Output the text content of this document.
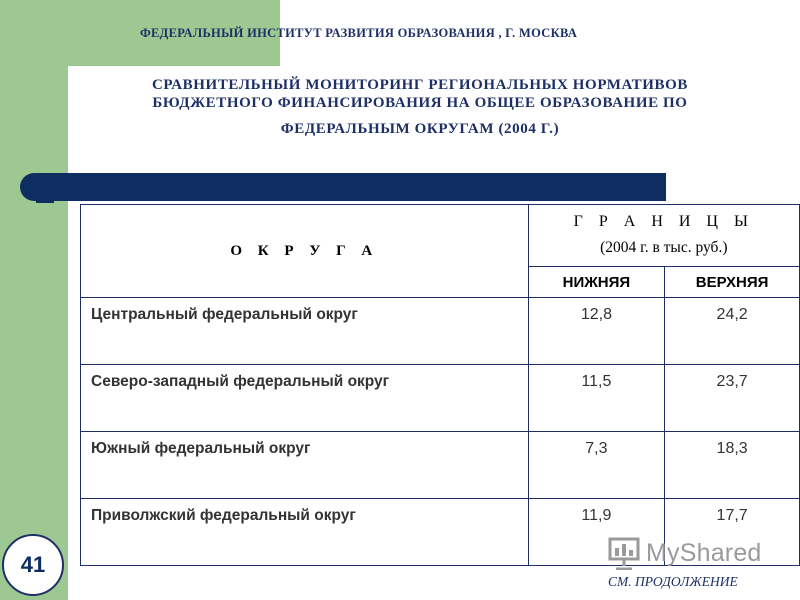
ФЕДЕРАЛЬНЫЙ ИНСТИТУТ РАЗВИТИЯ ОБРАЗОВАНИЯ , Г. МОСКВА
СРАВНИТЕЛЬНЫЙ МОНИТОРИНГ РЕГИОНАЛЬНЫХ НОРМАТИВОВ
БЮДЖЕТНОГО ФИНАНСИРОВАНИЯ НА ОБЩЕЕ ОБРАЗОВАНИЕ ПО
ФЕДЕРАЛЬНЫМ ОКРУГАМ (2004 Г.)
О К Р У Г А	Г Р А Н И Ц Ы
(2004 г. в тыс. руб.)	

	НИЖНЯЯ	ВЕРХНЯЯ
Центральный федеральный округ	12,8	24,2
Северо-западный федеральный округ	11,5	23,7
Южный федеральный округ	7,3	18,3
Приволжский федеральный округ	11,9	17,7
41	MyShared
СМ. ПРОДОЛЖЕНИЕ
